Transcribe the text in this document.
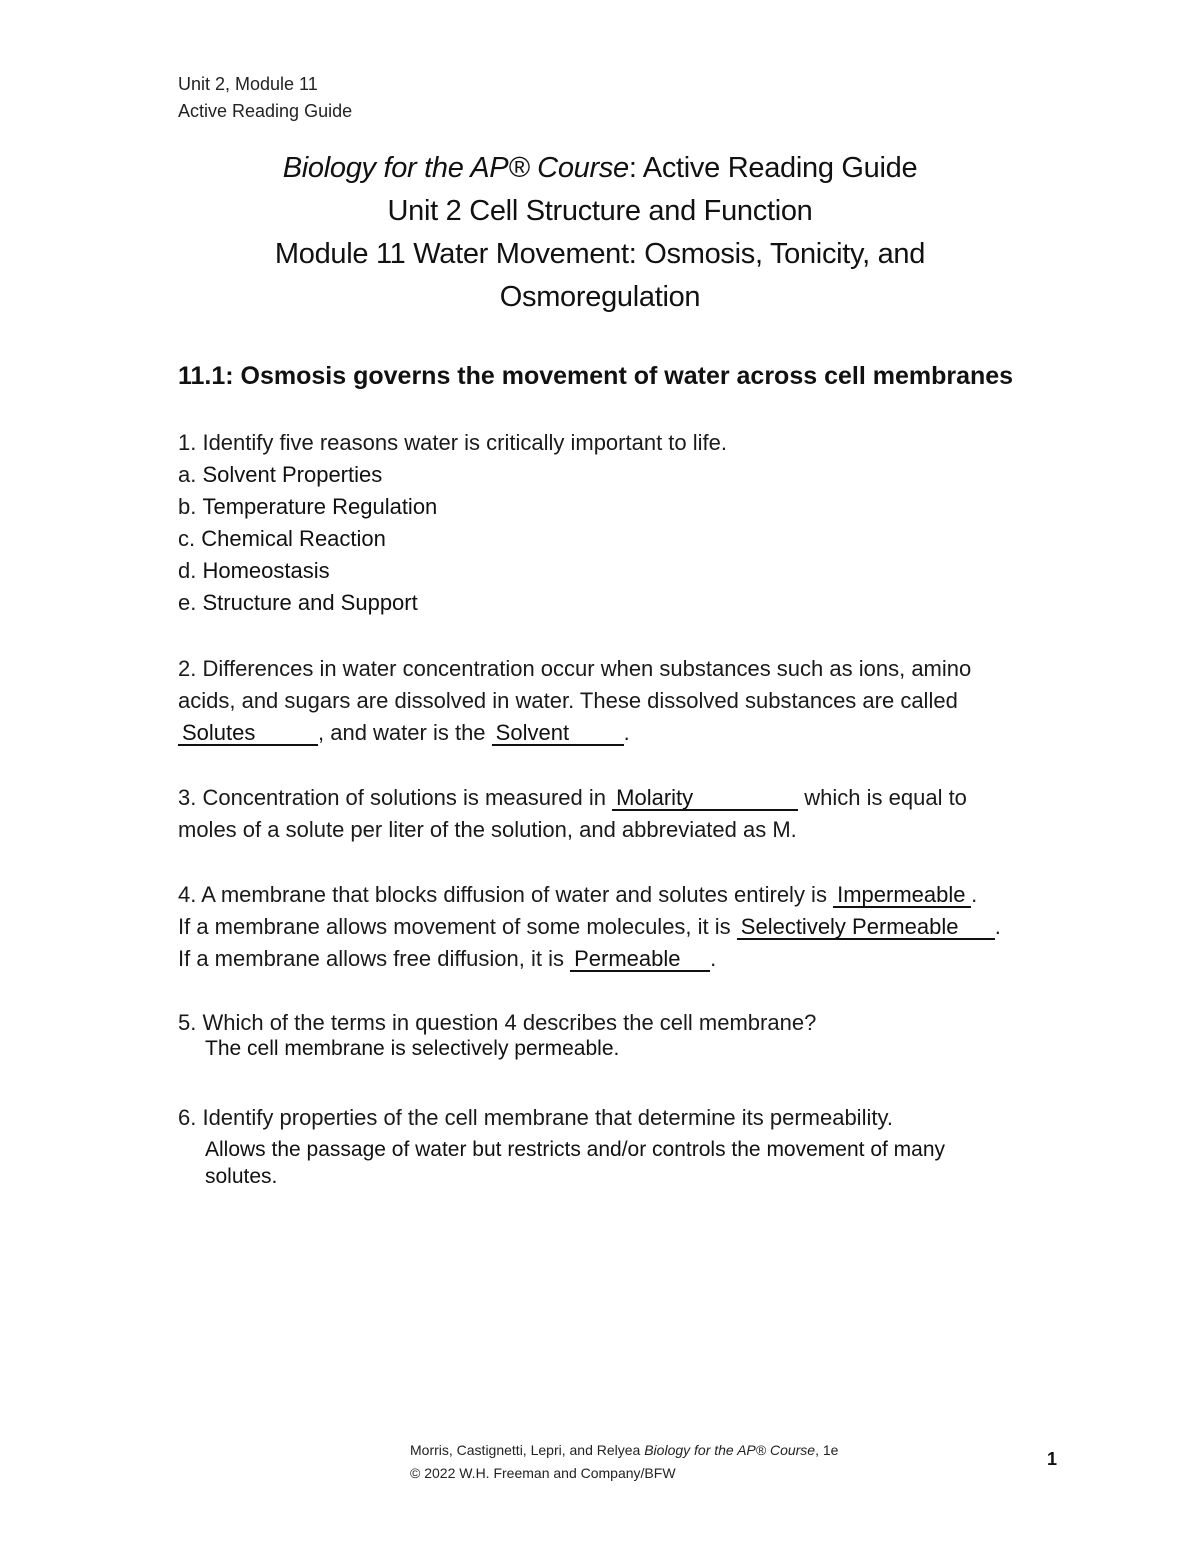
Unit 2, Module 11
Active Reading Guide
Biology for the AP® Course: Active Reading Guide
Unit 2 Cell Structure and Function
Module 11 Water Movement: Osmosis, Tonicity, and
Osmoregulation
11.1: Osmosis governs the movement of water across cell membranes
1. Identify five reasons water is critically important to life.
a. Solvent Properties
b. Temperature Regulation
c. Chemical Reaction
d. Homeostasis
e. Structure and Support
2. Differences in water concentration occur when substances such as ions, amino
acids, and sugars are dissolved in water. These dissolved substances are called
Solutes	, and water is the Solvent .
3. Concentration of solutions is measured in Molarity	which is equal to
moles of a solute per liter of the solution, and abbreviated as M.
4. A membrane that blocks diffusion of water and solutes entirely is Impermeable .
If a membrane allows movement of some molecules, it is Selectively Permeable .
If a membrane allows free diffusion, it is Permeable .
5. Which of the terms in question 4 describes the cell membrane?
The cell membrane is selectively permeable.
6. Identify properties of the cell membrane that determine its permeability.
Allows the passage of water but restricts and/or controls the movement of many
solutes.
Morris, Castignetti, Lepri, and Relyea Biology for the AP® Course, 1e
© 2022 W.H. Freeman and Company/BFW
1
